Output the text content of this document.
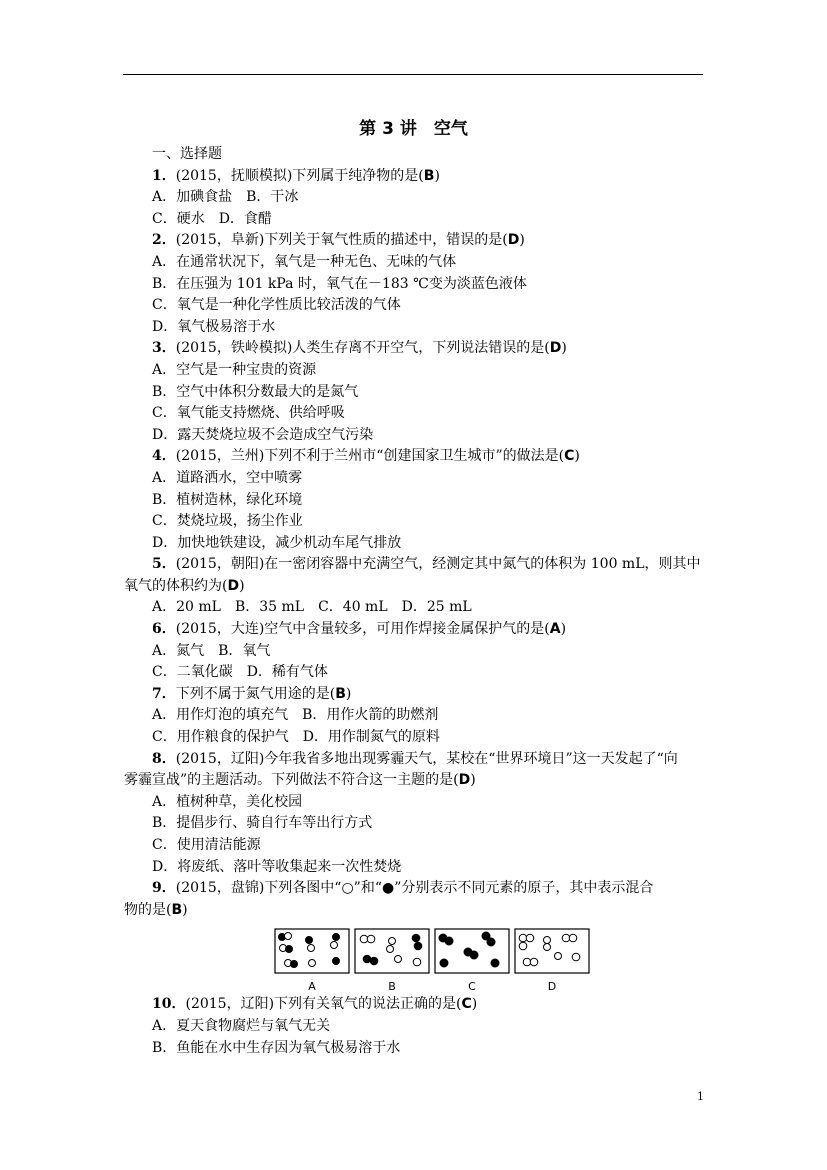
第 3 讲　空气
一、选择题
1．(2015，抚顺模拟)下列属于纯净物的是(B)
A．加碘食盐　B．干冰
C．硬水　D．食醋
2．(2015，阜新)下列关于氧气性质的描述中，错误的是(D)
A．在通常状况下，氧气是一种无色、无味的气体
B．在压强为 101 kPa 时，氧气在－183 ℃变为淡蓝色液体
C．氧气是一种化学性质比较活泼的气体
D．氧气极易溶于水
3．(2015，铁岭模拟)人类生存离不开空气，下列说法错误的是(D)
A．空气是一种宝贵的资源
B．空气中体积分数最大的是氮气
C．氧气能支持燃烧、供给呼吸
D．露天焚烧垃圾不会造成空气污染
4．(2015，兰州)下列不利于兰州市“创建国家卫生城市”的做法是(C)
A．道路洒水，空中喷雾
B．植树造林，绿化环境
C．焚烧垃圾，扬尘作业
D．加快地铁建设，减少机动车尾气排放
5．(2015，朝阳)在一密闭容器中充满空气，经测定其中氮气的体积为 100 mL，则其中
氧气的体积约为(D)
A．20 mL　B．35 mL　C．40 mL　D．25 mL
6．(2015，大连)空气中含量较多，可用作焊接金属保护气的是(A)
A．氮气　B．氧气
C．二氧化碳　D．稀有气体
7．下列不属于氮气用途的是(B)
A．用作灯泡的填充气　B．用作火箭的助燃剂
C．用作粮食的保护气　D．用作制氮气的原料
8．(2015，辽阳)今年我省多地出现雾霾天气，某校在“世界环境日”这一天发起了“向
雾霾宣战”的主题活动。下列做法不符合这一主题的是(D)
A．植树种草，美化校园
B．提倡步行、骑自行车等出行方式
C．使用清洁能源
D．将废纸、落叶等收集起来一次性焚烧
9．(2015，盘锦)下列各图中“○”和“●”分别表示不同元素的原子，其中表示混合
物的是(B)
A	B	C	D
10．(2015，辽阳)下列有关氧气的说法正确的是(C)
A．夏天食物腐烂与氧气无关
B．鱼能在水中生存因为氧气极易溶于水
1
